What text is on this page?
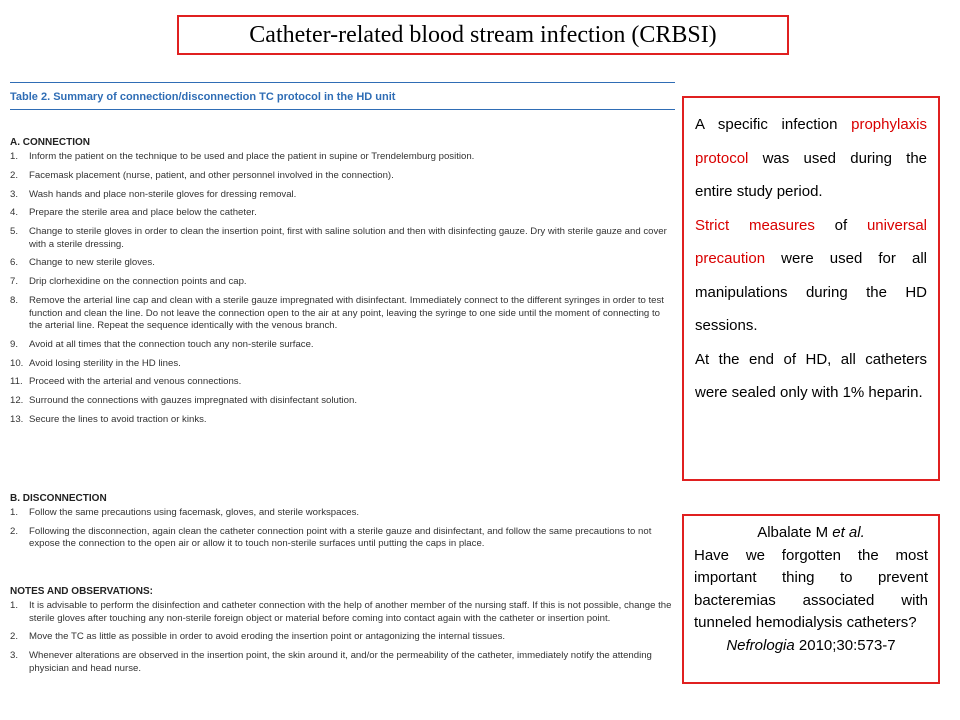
Catheter-related blood stream infection (CRBSI)
Table 2. Summary of connection/disconnection TC protocol in the HD unit
A. CONNECTION
1.	Inform the patient on the technique to be used and place the patient in supine or Trendelemburg position.
2.	Facemask placement (nurse, patient, and other personnel involved in the connection).
3.	Wash hands and place non-sterile gloves for dressing removal.
4.	Prepare the sterile area and place below the catheter.
5.	Change to sterile gloves in order to clean the insertion point, first with saline solution and then with disinfecting gauze. Dry with sterile gauze and cover with a sterile dressing.
6.	Change to new sterile gloves.
7.	Drip clorhexidine on the connection points and cap.
8.	Remove the arterial line cap and clean with a sterile gauze impregnated with disinfectant. Immediately connect to the different syringes in order to test function and clean the line. Do not leave the connection open to the air at any point, leaving the syringe to one side until the moment of connecting to the arterial line. Repeat the sequence identically with the venous branch.
9.	Avoid at all times that the connection touch any non-sterile surface.
10. Avoid losing sterility in the HD lines.
11. Proceed with the arterial and venous connections.
12. Surround the connections with gauzes impregnated with disinfectant solution.
13. Secure the lines to avoid traction or kinks.
B. DISCONNECTION
1.	Follow the same precautions using facemask, gloves, and sterile workspaces.
2.	Following the disconnection, again clean the catheter connection point with a sterile gauze and disinfectant, and follow the same precautions to not expose the connection to the open air or allow it to touch non-sterile surfaces until putting the caps in place.
NOTES AND OBSERVATIONS:
1.	It is advisable to perform the disinfection and catheter connection with the help of another member of the nursing staff. If this is not possible, change the sterile gloves after touching any non-sterile foreign object or material before coming into contact again with the catheter or insertion point.
2.	Move the TC as little as possible in order to avoid eroding the insertion point or antagonizing the internal tissues.
3.	Whenever alterations are observed in the insertion point, the skin around it, and/or the permeability of the catheter, immediately notify the attending physician and head nurse.
A specific infection prophylaxis protocol was used during the entire study period.
Strict measures of universal precaution were used for all manipulations during the HD sessions.
At the end of HD, all catheters were sealed only with 1% heparin.
Albalate M et al.
Have we forgotten the most important thing to prevent bacteremias associated with tunneled hemodialysis catheters?
Nefrologia 2010;30:573-7
